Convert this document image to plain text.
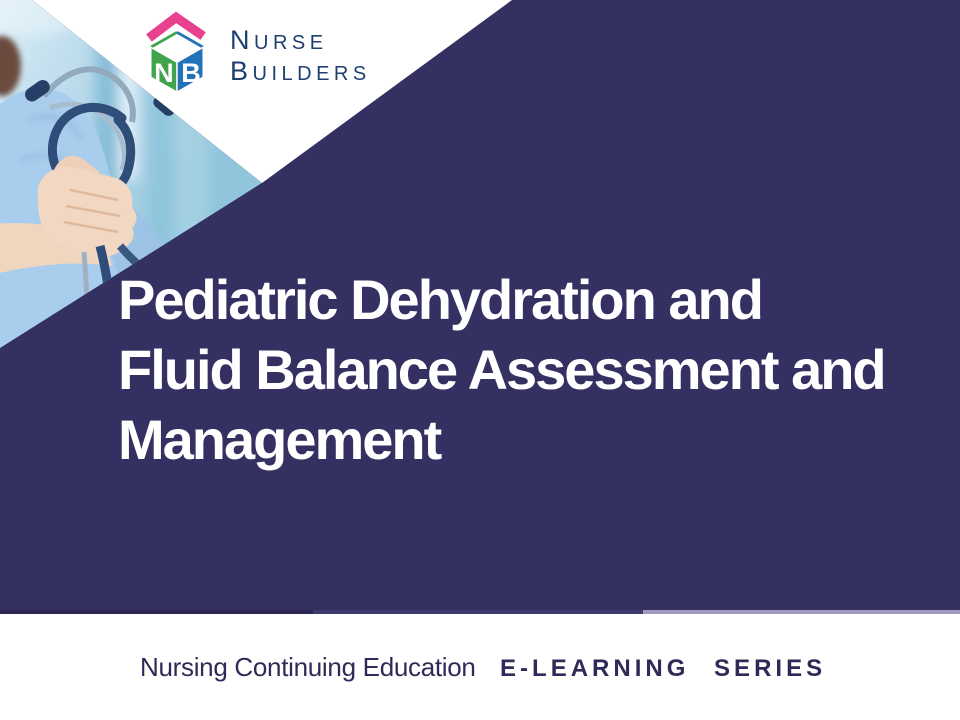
N B
NURSE
BUILDERS
Pediatric Dehydration and
Fluid Balance Assessment and
Management
Nursing Continuing Education E-LEARNING SERIES
